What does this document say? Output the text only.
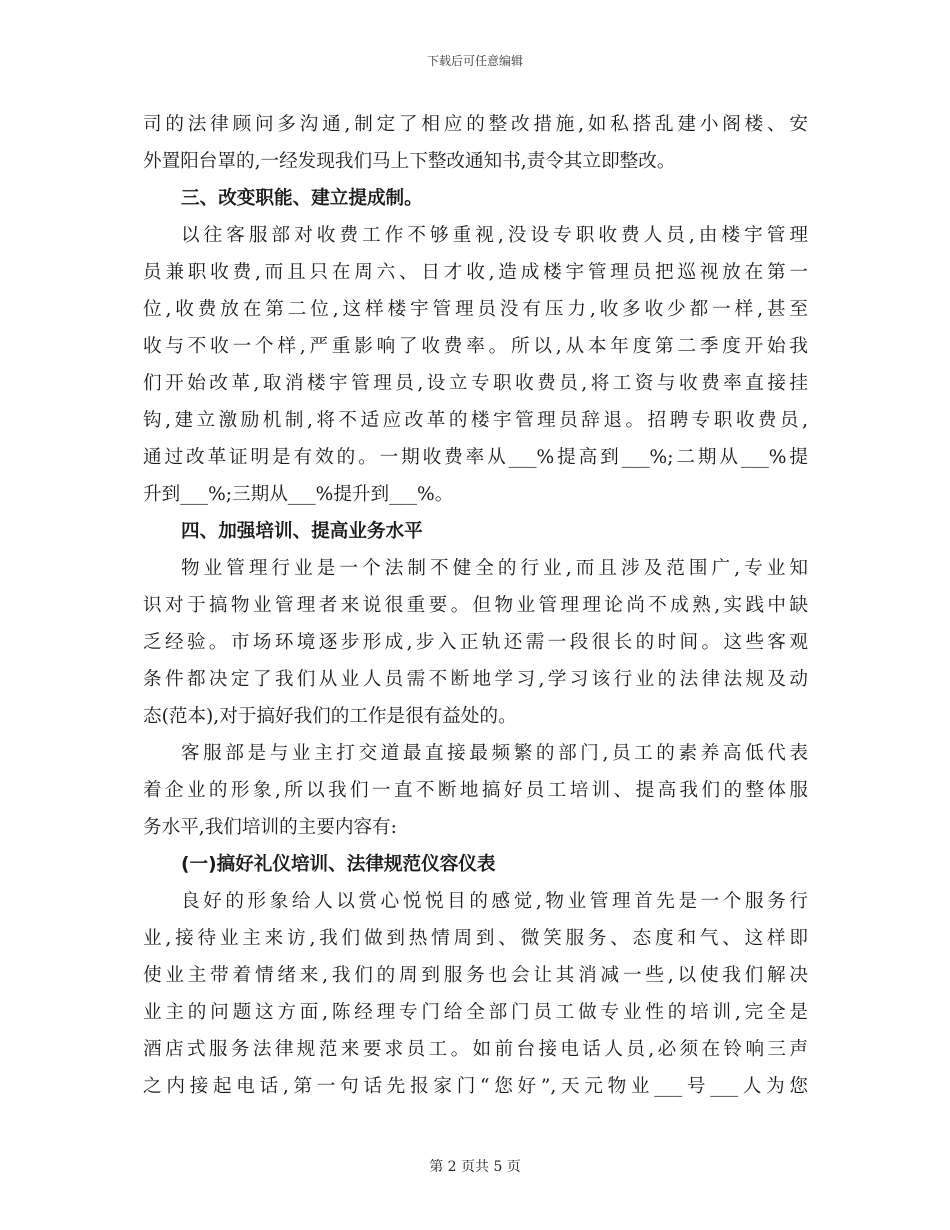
下载后可任意编辑
司的法律顾问多沟通,制定了相应的整改措施,如私搭乱建小阁楼、安
外置阳台罩的,一经发现我们马上下整改通知书,责令其立即整改。
三、改变职能、建立提成制。
以往客服部对收费工作不够重视,没设专职收费人员,由楼宇管理
员兼职收费,而且只在周六、日才收,造成楼宇管理员把巡视放在第一
位,收费放在第二位,这样楼宇管理员没有压力,收多收少都一样,甚至
收与不收一个样,严重影响了收费率。所以,从本年度第二季度开始我
们开始改革,取消楼宇管理员,设立专职收费员,将工资与收费率直接挂
钩,建立激励机制,将不适应改革的楼宇管理员辞退。招聘专职收费员,
通过改革证明是有效的。一期收费率从___%提高到___%;二期从___%提
升到___%;三期从___%提升到___%。
四、加强培训、提高业务水平
物业管理行业是一个法制不健全的行业,而且涉及范围广,专业知
识对于搞物业管理者来说很重要。但物业管理理论尚不成熟,实践中缺
乏经验。市场环境逐步形成,步入正轨还需一段很长的时间。这些客观
条件都决定了我们从业人员需不断地学习,学习该行业的法律法规及动
态(范本),对于搞好我们的工作是很有益处的。
客服部是与业主打交道最直接最频繁的部门,员工的素养高低代表
着企业的形象,所以我们一直不断地搞好员工培训、提高我们的整体服
务水平,我们培训的主要内容有:
(一)搞好礼仪培训、法律规范仪容仪表
良好的形象给人以赏心悦悦目的感觉,物业管理首先是一个服务行
业,接待业主来访,我们做到热情周到、微笑服务、态度和气、这样即
使业主带着情绪来,我们的周到服务也会让其消减一些,以使我们解决
业主的问题这方面,陈经理专门给全部门员工做专业性的培训,完全是
酒店式服务法律规范来要求员工。如前台接电话人员,必须在铃响三声
之内接起电话,第一句话先报家门“您好”,天元物业___号___人为您
第 2 页共 5 页
